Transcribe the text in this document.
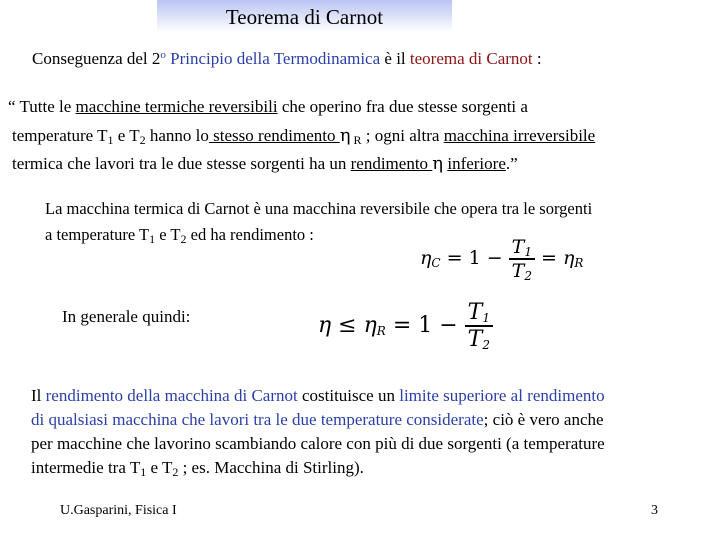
Teorema di Carnot
Conseguenza del 2$^o$ Principio della Termodinamica è il teorema di Carnot :
“ Tutte le macchine termiche reversibili che operino fra due stesse sorgenti a
temperature $T_1$ e $T_2$ hanno lo stesso rendimento η $_R$ ; ogni altra macchina irreversibile
termica che lavori tra le due stesse sorgenti ha un rendimento η inferiore.”
La macchina termica di Carnot è una macchina reversibile che opera tra le sorgenti
a temperature $T_1$ e $T_2$ ed ha rendimento :
$\eta_C = 1 - \frac{T_1}{T_2} = \eta_R$
In generale quindi:	$\eta \le \eta_R = 1 - \frac{T_1}{T_2}$
Il rendimento della macchina di Carnot costituisce un limite superiore al rendimento
di qualsiasi macchina che lavori tra le due temperature considerate; ciò è vero anche
per macchine che lavorino scambiando calore con più di due sorgenti (a temperature
intermedie tra $T_1$ e $T_2$ ; es. Macchina di Stirling).
U.Gasparini, Fisica I	3
